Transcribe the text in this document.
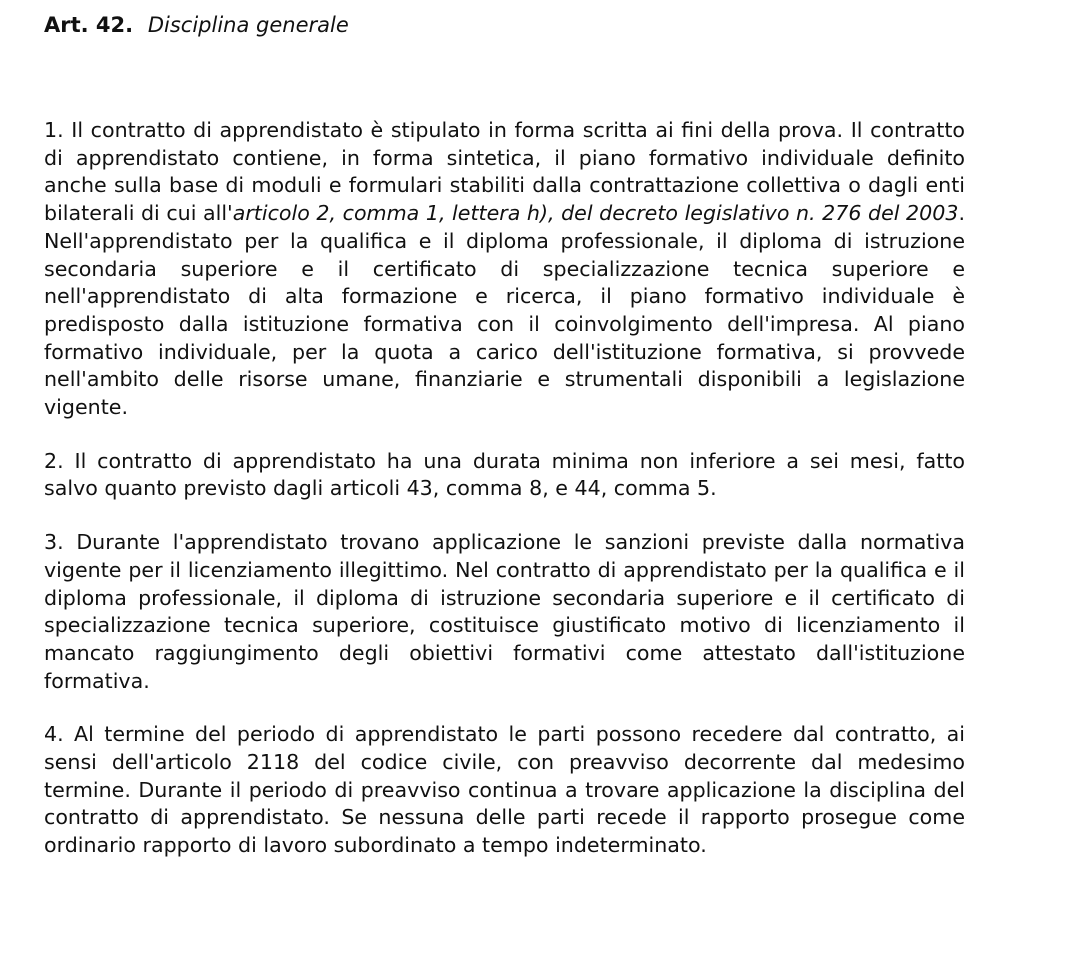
Art. 42. Disciplina generale

1. Il contratto di apprendistato è stipulato in forma scritta ai fini della prova. Il contratto di apprendistato contiene, in forma sintetica, il piano formativo individuale definito anche sulla base di moduli e formulari stabiliti dalla contrattazione collettiva o dagli enti bilaterali di cui all'articolo 2, comma 1, lettera h), del decreto legislativo n. 276 del 2003. Nell'apprendistato per la qualifica e il diploma professionale, il diploma di istruzione secondaria superiore e il certificato di specializzazione tecnica superiore e nell'apprendistato di alta formazione e ricerca, il piano formativo individuale è predisposto dalla istituzione formativa con il coinvolgimento dell'impresa. Al piano formativo individuale, per la quota a carico dell'istituzione formativa, si provvede nell'ambito delle risorse umane, finanziarie e strumentali disponibili a legislazione vigente.

2. Il contratto di apprendistato ha una durata minima non inferiore a sei mesi, fatto salvo quanto previsto dagli articoli 43, comma 8, e 44, comma 5.

3. Durante l'apprendistato trovano applicazione le sanzioni previste dalla normativa vigente per il licenziamento illegittimo. Nel contratto di apprendistato per la qualifica e il diploma professionale, il diploma di istruzione secondaria superiore e il certificato di specializzazione tecnica superiore, costituisce giustificato motivo di licenziamento il mancato raggiungimento degli obiettivi formativi come attestato dall'istituzione formativa.

4. Al termine del periodo di apprendistato le parti possono recedere dal contratto, ai sensi dell'articolo 2118 del codice civile, con preavviso decorrente dal medesimo termine. Durante il periodo di preavviso continua a trovare applicazione la disciplina del contratto di apprendistato. Se nessuna delle parti recede il rapporto prosegue come ordinario rapporto di lavoro subordinato a tempo indeterminato.
